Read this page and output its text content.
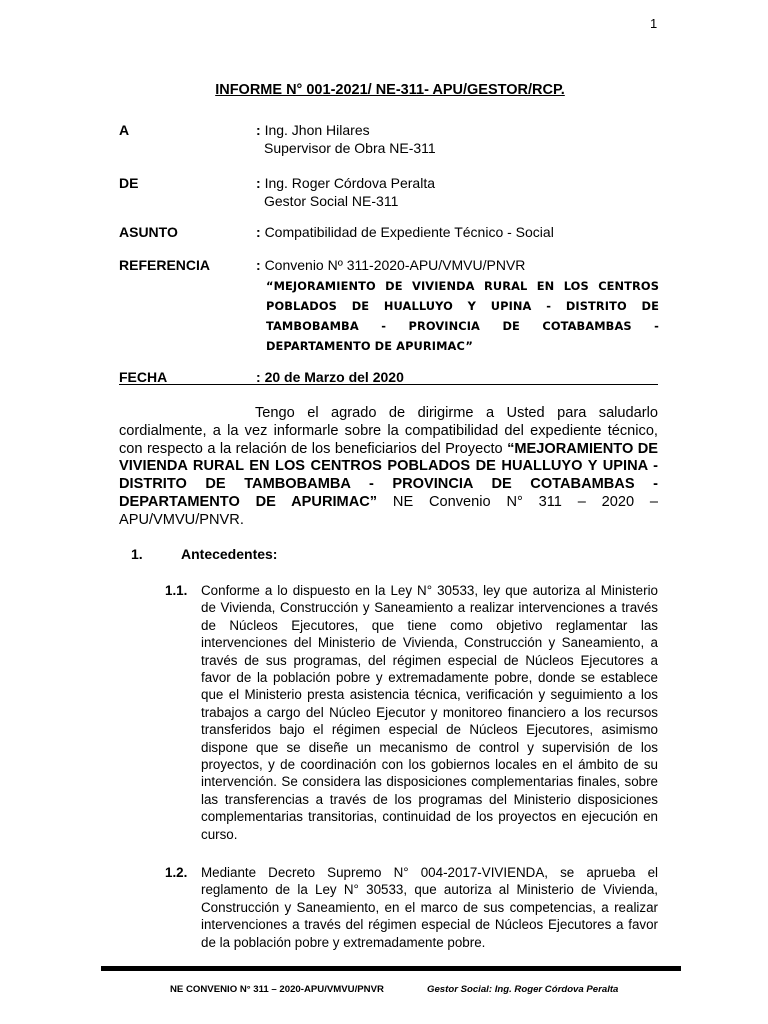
1
INFORME N° 001-2021/ NE-311- APU/GESTOR/RCP.
A	: Ing. Jhon Hilares
Supervisor de Obra NE-311
DE	: Ing. Roger Córdova Peralta
Gestor Social NE-311
ASUNTO	: Compatibilidad de Expediente Técnico - Social
REFERENCIA	: Convenio Nº 311-2020-APU/VMVU/PNVR
“MEJORAMIENTO DE VIVIENDA RURAL EN LOS CENTROS POBLADOS DE HUALLUYO Y UPINA - DISTRITO DE TAMBOBAMBA - PROVINCIA DE COTABAMBAS - DEPARTAMENTO DE APURIMAC”
FECHA	: 20 de Marzo del 2020
Tengo el agrado de dirigirme a Usted para saludarlo cordialmente, a la vez informarle sobre la compatibilidad del expediente técnico, con respecto a la relación de los beneficiarios del Proyecto “MEJORAMIENTO DE VIVIENDA RURAL EN LOS CENTROS POBLADOS DE HUALLUYO Y UPINA - DISTRITO DE TAMBOBAMBA - PROVINCIA DE COTABAMBAS - DEPARTAMENTO DE APURIMAC” NE Convenio N° 311 – 2020 – APU/VMVU/PNVR.
1.	Antecedentes:
1.1. Conforme a lo dispuesto en la Ley N° 30533, ley que autoriza al Ministerio de Vivienda, Construcción y Saneamiento a realizar intervenciones a través de Núcleos Ejecutores, que tiene como objetivo reglamentar las intervenciones del Ministerio de Vivienda, Construcción y Saneamiento, a través de sus programas, del régimen especial de Núcleos Ejecutores a favor de la población pobre y extremadamente pobre, donde se establece que el Ministerio presta asistencia técnica, verificación y seguimiento a los trabajos a cargo del Núcleo Ejecutor y monitoreo financiero a los recursos transferidos bajo el régimen especial de Núcleos Ejecutores, asimismo dispone que se diseñe un mecanismo de control y supervisión de los proyectos, y de coordinación con los gobiernos locales en el ámbito de su intervención. Se considera las disposiciones complementarias finales, sobre las transferencias a través de los programas del Ministerio disposiciones complementarias transitorias, continuidad de los proyectos en ejecución en curso.
1.2. Mediante Decreto Supremo N° 004-2017-VIVIENDA, se aprueba el reglamento de la Ley N° 30533, que autoriza al Ministerio de Vivienda, Construcción y Saneamiento, en el marco de sus competencias, a realizar intervenciones a través del régimen especial de Núcleos Ejecutores a favor de la población pobre y extremadamente pobre.
NE CONVENIO N° 311 – 2020-APU/VMVU/PNVR	Gestor Social: Ing. Roger Córdova Peralta
